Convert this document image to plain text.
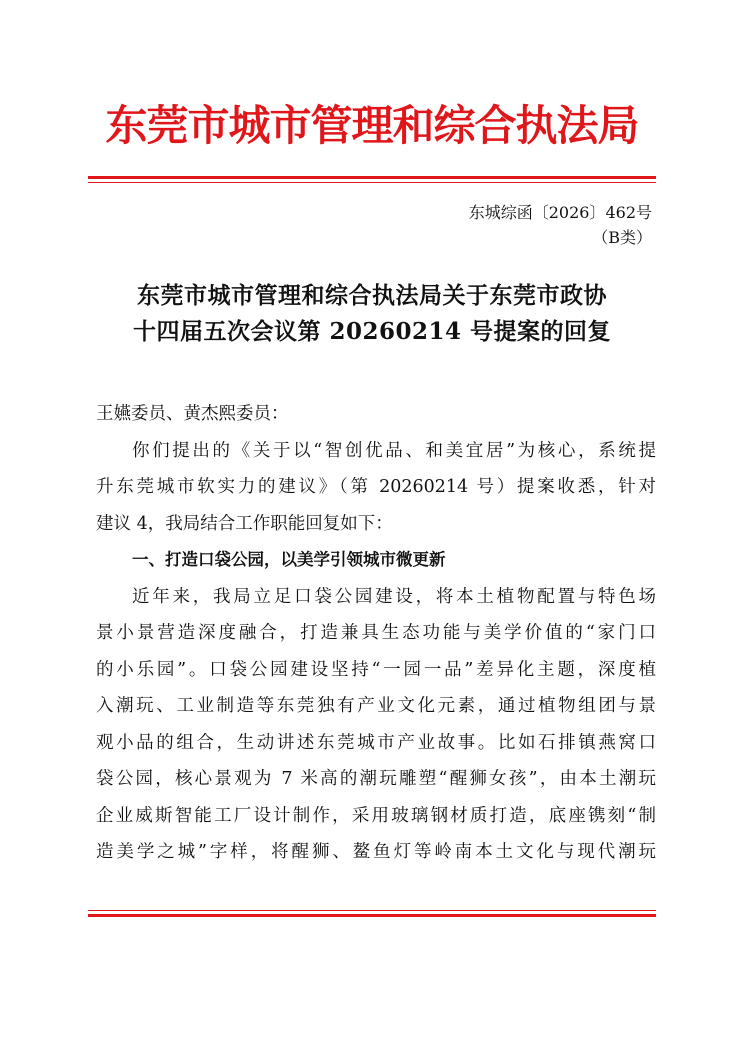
东莞市城市管理和综合执法局
东城综函〔2026〕462号
（B类）
东莞市城市管理和综合执法局关于东莞市政协
十四届五次会议第 20260214 号提案的回复
王嬿委员、黄杰熙委员：
你们提出的《关于以“智创优品、和美宜居”为核心，系统提
升东莞城市软实力的建议》（第 20260214 号）提案收悉，针对
建议 4，我局结合工作职能回复如下：
一、打造口袋公园，以美学引领城市微更新
近年来，我局立足口袋公园建设，将本土植物配置与特色场
景小景营造深度融合，打造兼具生态功能与美学价值的“家门口
的小乐园”。口袋公园建设坚持“一园一品”差异化主题，深度植
入潮玩、工业制造等东莞独有产业文化元素，通过植物组团与景
观小品的组合，生动讲述东莞城市产业故事。比如石排镇燕窝口
袋公园，核心景观为 7 米高的潮玩雕塑“醒狮女孩”，由本土潮玩
企业威斯智能工厂设计制作，采用玻璃钢材质打造，底座镌刻“制
造美学之城”字样，将醒狮、鳌鱼灯等岭南本土文化与现代潮玩
